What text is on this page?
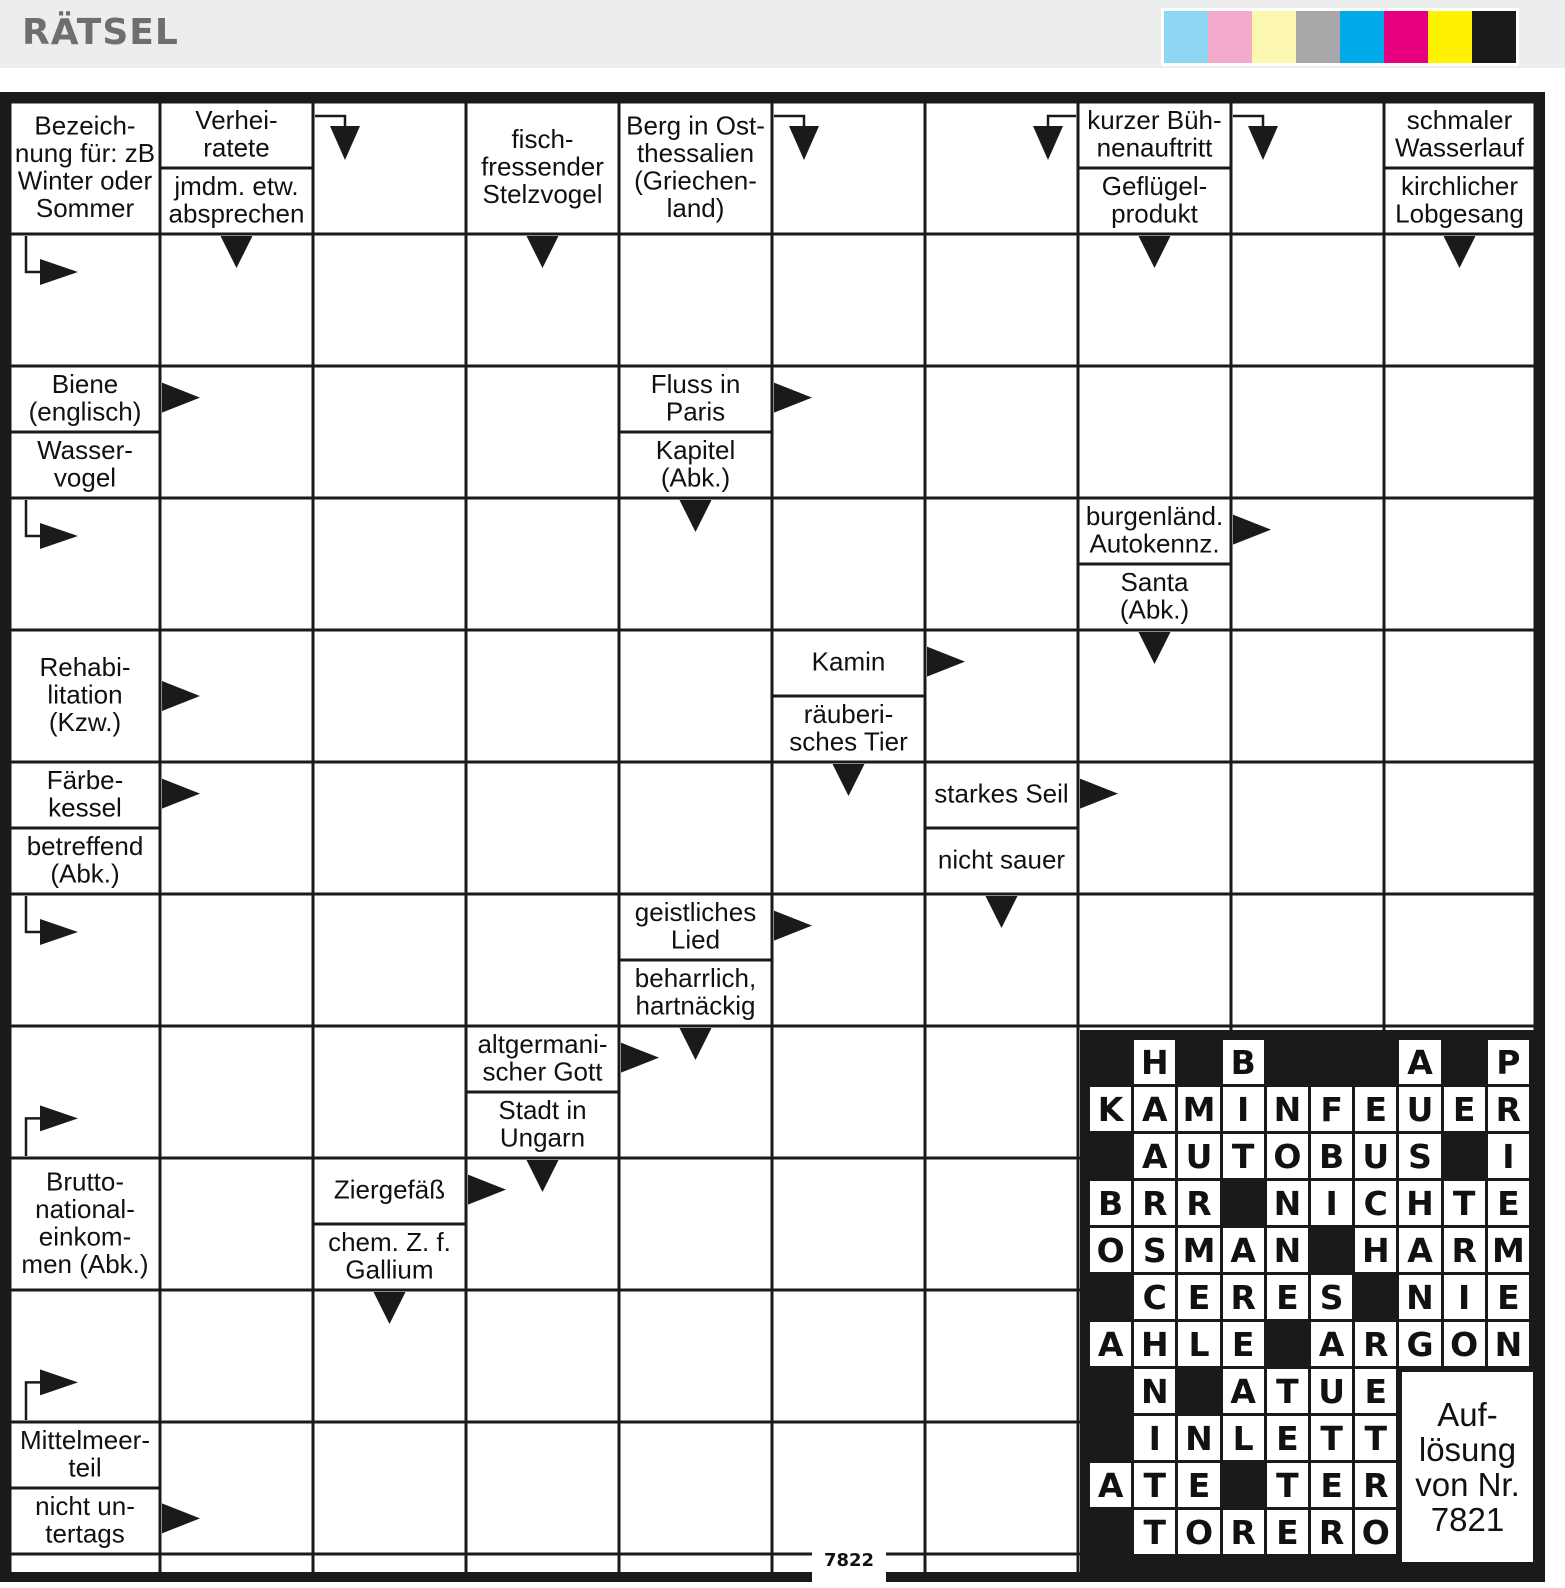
RÄTSEL
Bezeich-nung für: zB Winter oder Sommer
Verhei-ratete
jmdm. etw. absprechen
fisch-fressender Stelzvogel
Berg in Ost-thessalien (Griechen-land)
kurzer Büh-nenauftritt
Geflügel-produkt
schmaler Wasserlauf
kirchlicher Lobgesang
Biene (englisch)
Wasser-vogel
Fluss in Paris
Kapitel (Abk.)
burgenländ. Autokennz.
Santa (Abk.)
Rehabi-litation (Kzw.)
Kamin
räuberi-sches Tier
Färbe-kessel
betreffend (Abk.)
starkes Seil
nicht sauer
geistliches Lied
beharrlich, hartnäckig
altgermani-scher Gott
Stadt in Ungarn
Brutto-national-einkom-men (Abk.)
Ziergefäß
chem. Z. f. Gallium
Mittelmeer-teil
nicht un-tertags
H B	A P
K A M I N F E U E R
A U T O B U S	I
B R R N I C H T E
O S M A N H A R M
C E R E S N I E
A H L E A R G O N
N A T U E
I N L E T T
A T E T E R
T O R E R O
Auf-
lösung
von Nr.
7821
7822
